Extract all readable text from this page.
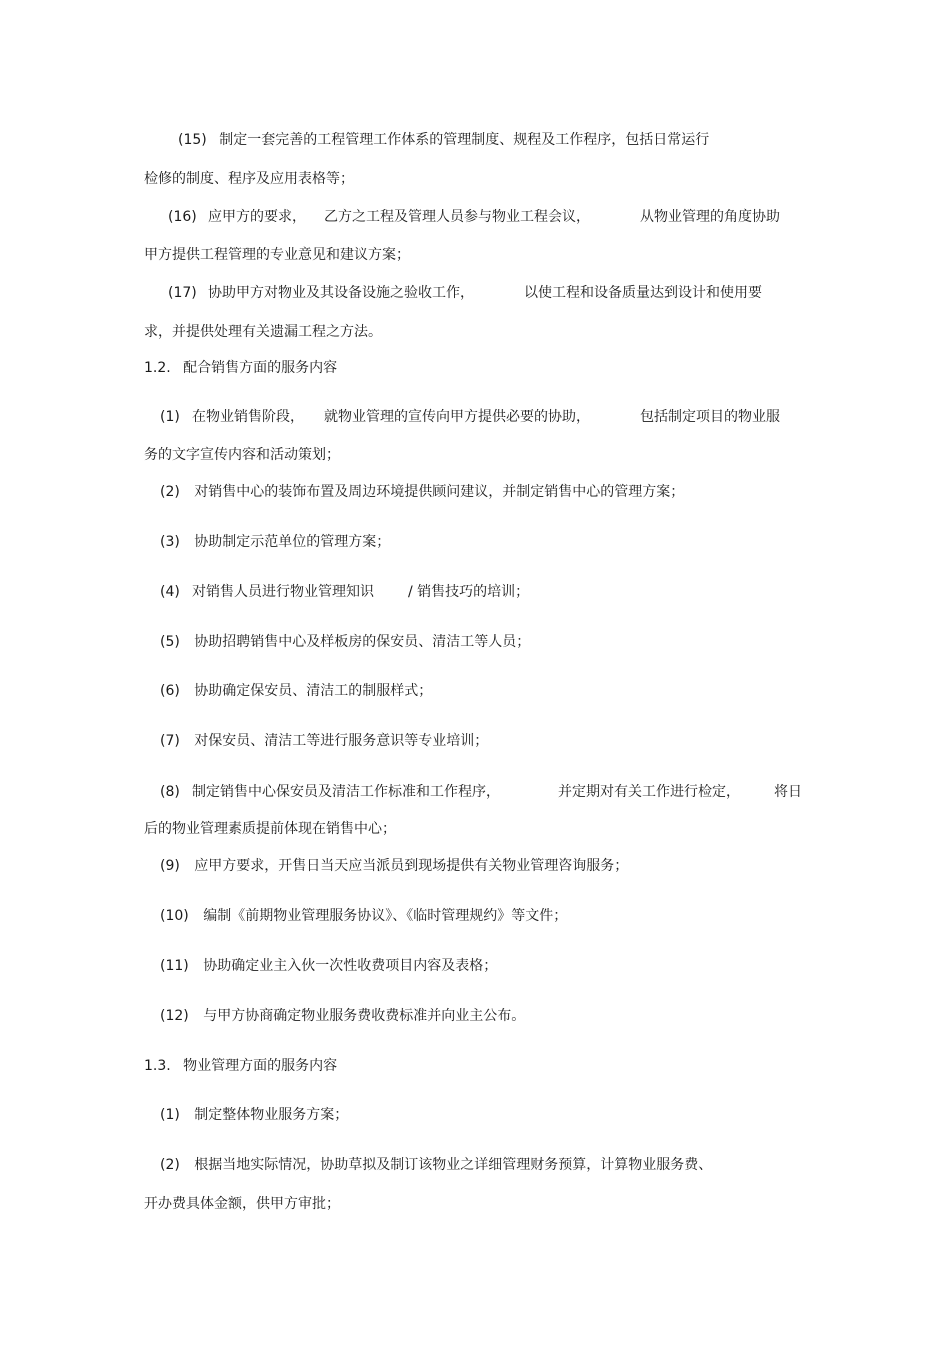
(15) 制定一套完善的工程管理工作体系的管理制度、规程及工作程序，包括日常运行
检修的制度、程序及应用表格等；
(16) 应甲方的要求， 乙方之工程及管理人员参与物业工程会议，	从物业管理的角度协助
甲方提供工程管理的专业意见和建议方案；
(17) 协助甲方对物业及其设备设施之验收工作，	以使工程和设备质量达到设计和使用要
求，并提供处理有关遗漏工程之方法。
1.2. 配合销售方面的服务内容
(1) 在物业销售阶段， 就物业管理的宣传向甲方提供必要的协助，	包括制定项目的物业服
务的文字宣传内容和活动策划；
(2) 对销售中心的装饰布置及周边环境提供顾问建议，并制定销售中心的管理方案；
(3) 协助制定示范单位的管理方案；
(4) 对销售人员进行物业管理知识 / 销售技巧的培训；
(5) 协助招聘销售中心及样板房的保安员、清洁工等人员；
(6) 协助确定保安员、清洁工的制服样式；
(7) 对保安员、清洁工等进行服务意识等专业培训；
(8) 制定销售中心保安员及清洁工作标准和工作程序，	并定期对有关工作进行检定， 将日
后的物业管理素质提前体现在销售中心；
(9) 应甲方要求，开售日当天应当派员到现场提供有关物业管理咨询服务；
(10) 编制《前期物业管理服务协议》、《临时管理规约》等文件；
(11) 协助确定业主入伙一次性收费项目内容及表格；
(12) 与甲方协商确定物业服务费收费标准并向业主公布。
1.3. 物业管理方面的服务内容
(1) 制定整体物业服务方案；
(2) 根据当地实际情况，协助草拟及制订该物业之详细管理财务预算，计算物业服务费、
开办费具体金额，供甲方审批；
